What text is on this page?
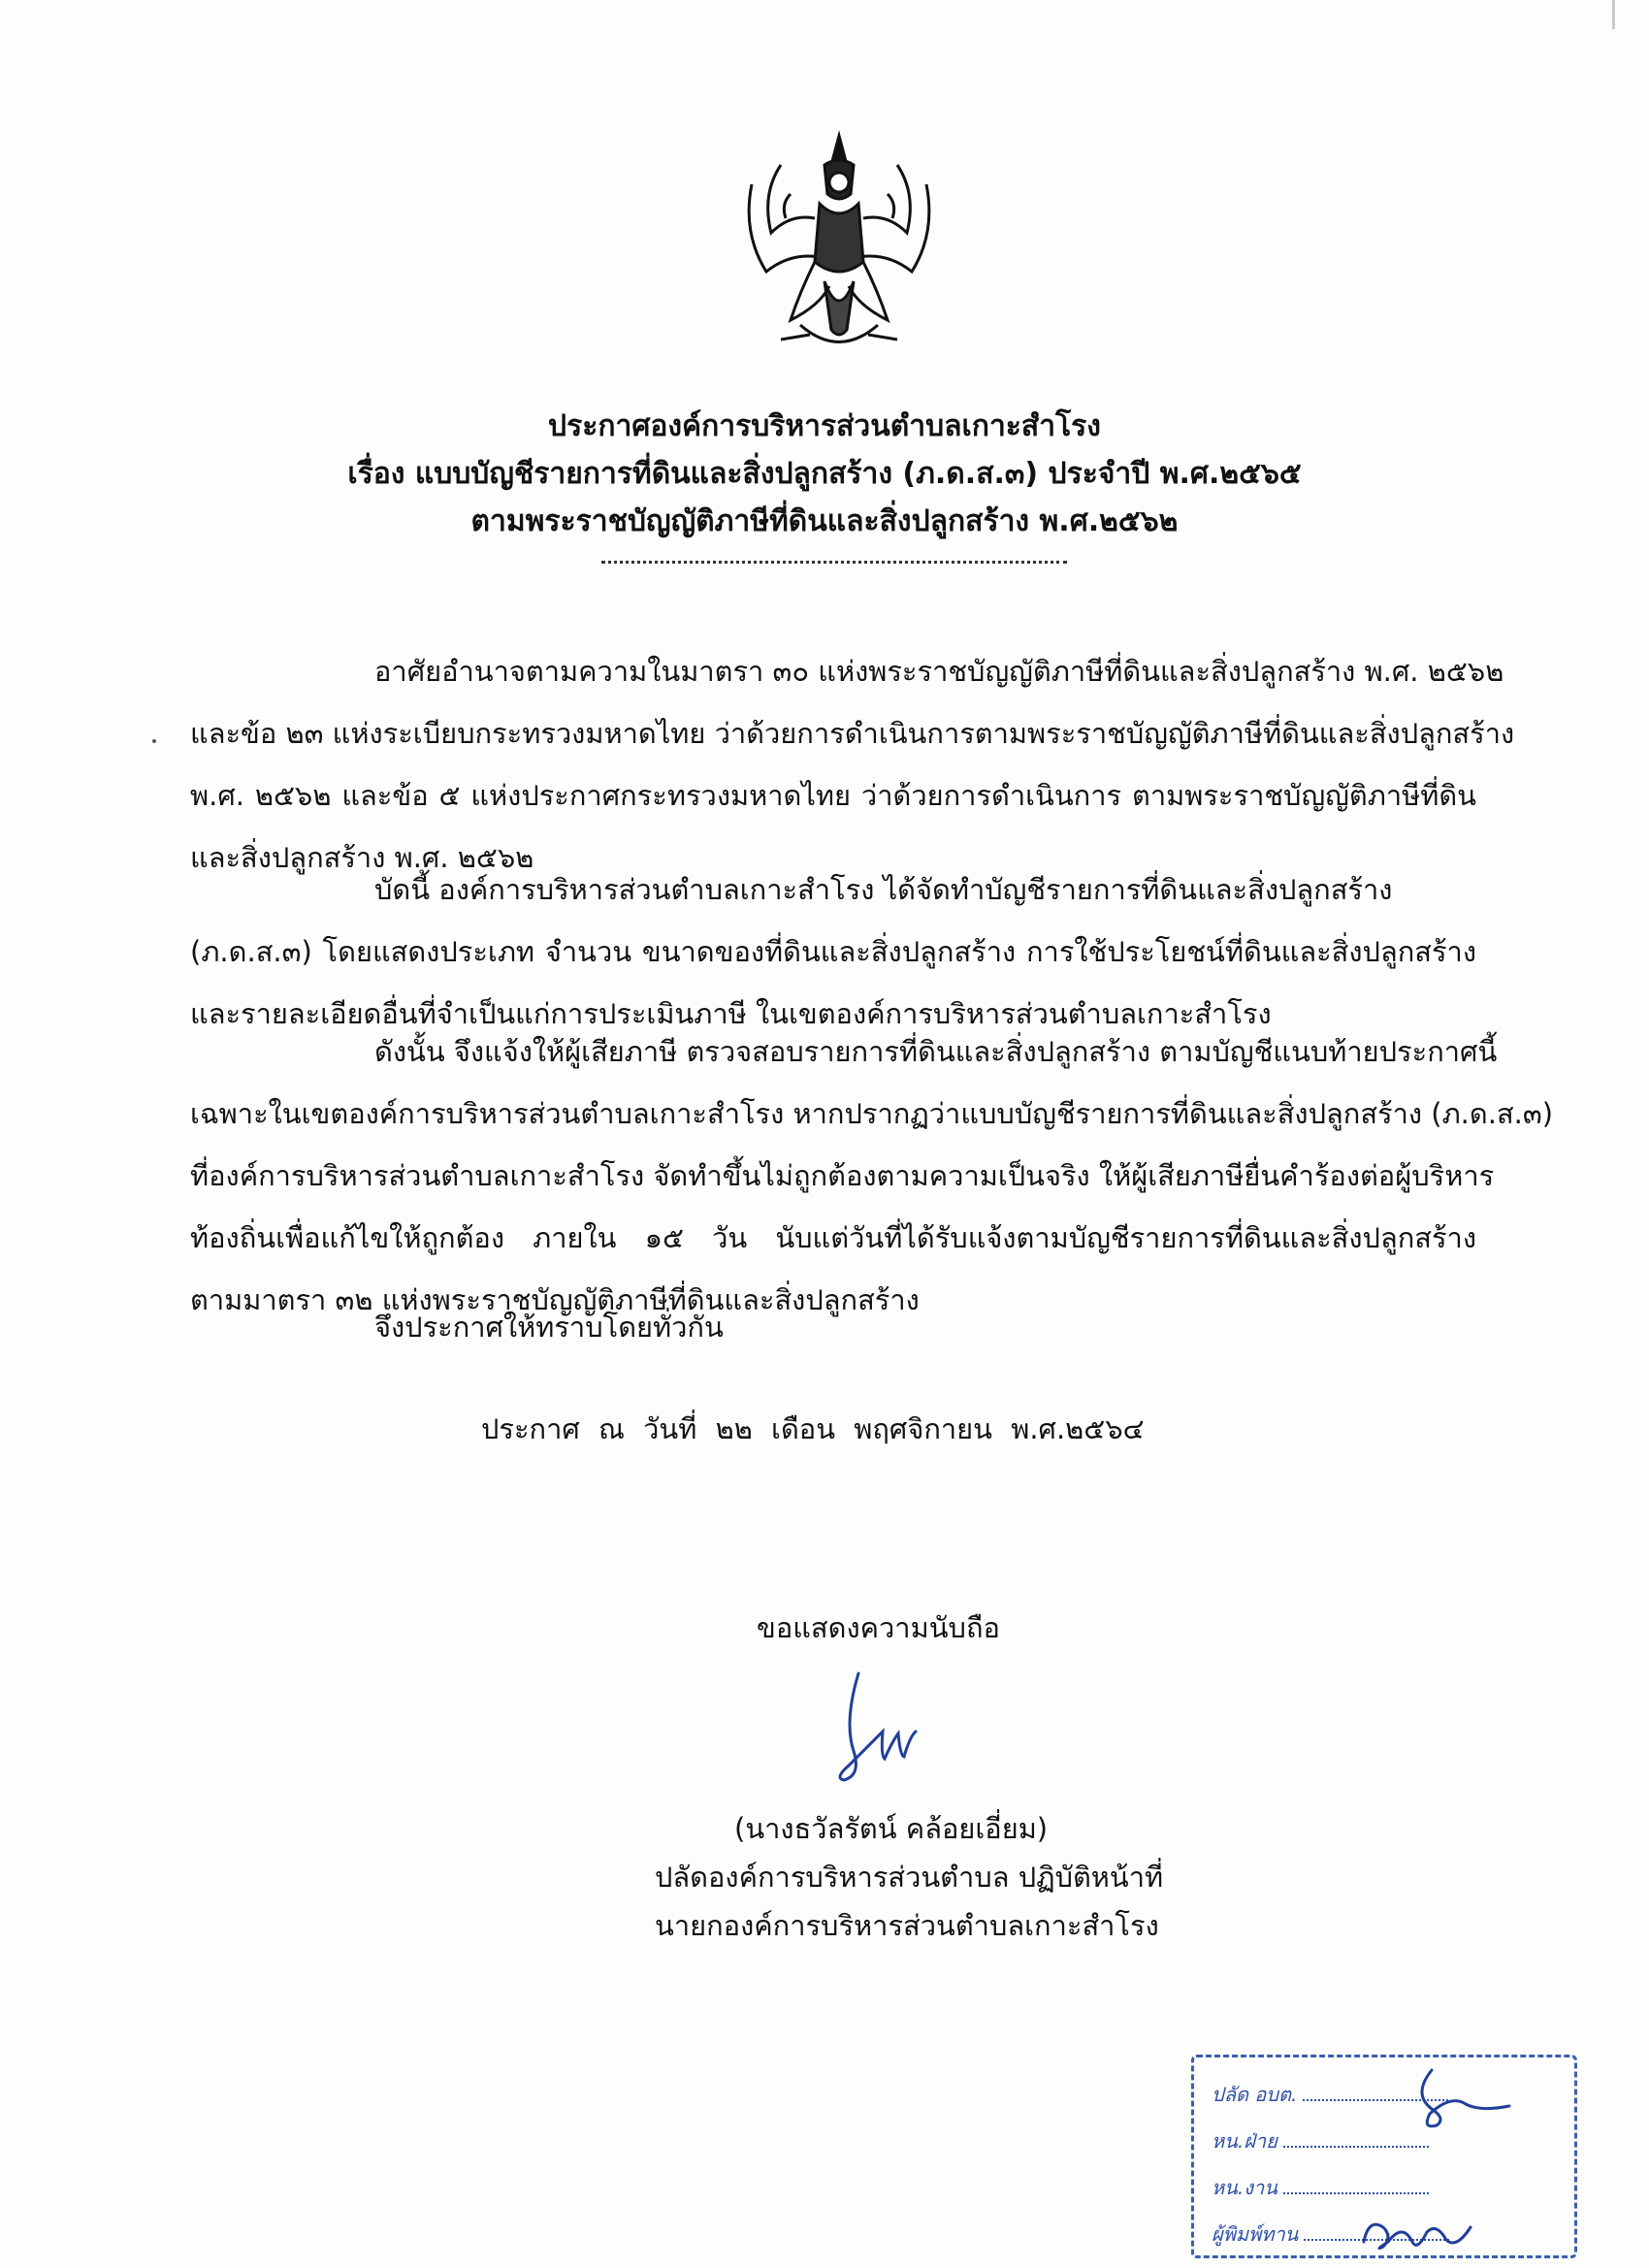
ประกาศองค์การบริหารส่วนตำบลเกาะสำโรง
เรื่อง แบบบัญชีรายการที่ดินและสิ่งปลูกสร้าง (ภ.ด.ส.๓) ประจำปี พ.ศ.๒๕๖๕
ตามพระราชบัญญัติภาษีที่ดินและสิ่งปลูกสร้าง พ.ศ.๒๕๖๒
อาศัยอำนาจตามความในมาตรา ๓๐ แห่งพระราชบัญญัติภาษีที่ดินและสิ่งปลูกสร้าง พ.ศ. ๒๕๖๒
และข้อ ๒๓ แห่งระเบียบกระทรวงมหาดไทย ว่าด้วยการดำเนินการตามพระราชบัญญัติภาษีที่ดินและสิ่งปลูกสร้าง
พ.ศ. ๒๕๖๒ และข้อ ๕ แห่งประกาศกระทรวงมหาดไทย ว่าด้วยการดำเนินการ ตามพระราชบัญญัติภาษีที่ดิน
และสิ่งปลูกสร้าง พ.ศ. ๒๕๖๒
บัดนี้ องค์การบริหารส่วนตำบลเกาะสำโรง ได้จัดทำบัญชีรายการที่ดินและสิ่งปลูกสร้าง
(ภ.ด.ส.๓) โดยแสดงประเภท จำนวน ขนาดของที่ดินและสิ่งปลูกสร้าง การใช้ประโยชน์ที่ดินและสิ่งปลูกสร้าง
และรายละเอียดอื่นที่จำเป็นแก่การประเมินภาษี ในเขตองค์การบริหารส่วนตำบลเกาะสำโรง
ดังนั้น จึงแจ้งให้ผู้เสียภาษี ตรวจสอบรายการที่ดินและสิ่งปลูกสร้าง ตามบัญชีแนบท้ายประกาศนี้
เฉพาะในเขตองค์การบริหารส่วนตำบลเกาะสำโรง หากปรากฏว่าแบบบัญชีรายการที่ดินและสิ่งปลูกสร้าง (ภ.ด.ส.๓)
ที่องค์การบริหารส่วนตำบลเกาะสำโรง จัดทำขึ้นไม่ถูกต้องตามความเป็นจริง ให้ผู้เสียภาษียื่นคำร้องต่อผู้บริหาร
ท้องถิ่นเพื่อแก้ไขให้ถูกต้อง ภายใน ๑๕ วัน นับแต่วันที่ได้รับแจ้งตามบัญชีรายการที่ดินและสิ่งปลูกสร้าง
ตามมาตรา ๓๒ แห่งพระราชบัญญัติภาษีที่ดินและสิ่งปลูกสร้าง
จึงประกาศให้ทราบโดยทั่วกัน
ประกาศ ณ วันที่ ๒๒ เดือน พฤศจิกายน พ.ศ.๒๕๖๔
ขอแสดงความนับถือ
(นางธวัลรัตน์ คล้อยเอี่ยม)
ปลัดองค์การบริหารส่วนตำบล ปฏิบัติหน้าที่
นายกองค์การบริหารส่วนตำบลเกาะสำโรง
ปลัด อบต.
หน.ฝ่าย
หน.งาน
ผู้พิมพ์ทาน
